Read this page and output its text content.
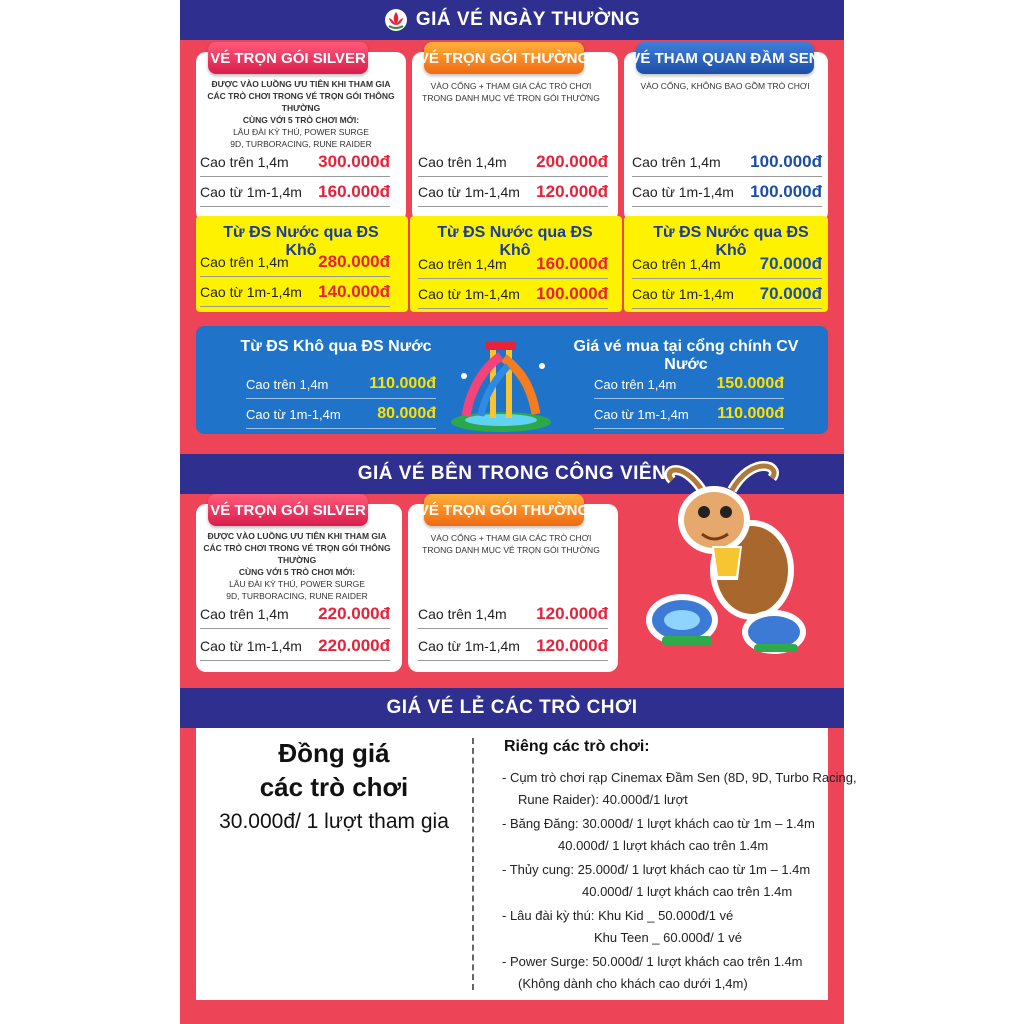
GIÁ VÉ NGÀY THƯỜNG
VÉ TRỌN GÓI SILVER
ĐƯỢC VÀO LUỒNG ƯU TIÊN KHI THAM GIA
CÁC TRÒ CHƠI TRONG VÉ TRỌN GÓI THÔNG THƯỜNG
CÙNG VỚI 5 TRÒ CHƠI MỚI:
LÂU ĐÀI KỲ THÚ, POWER SURGE
9D, TURBORACING, RUNE RAIDER
Cao trên 1,4m 300.000đ
Cao từ 1m-1,4m 160.000đ
VÉ TRỌN GÓI THƯỜNG
VÀO CỔNG + THAM GIA CÁC TRÒ CHƠI
TRONG DANH MỤC VÉ TRỌN GÓI THƯỜNG
Cao trên 1,4m 200.000đ
Cao từ 1m-1,4m 120.000đ
VÉ THAM QUAN ĐẦM SEN
VÀO CỔNG, KHÔNG BAO GỒM TRÒ CHƠI
Cao trên 1,4m 100.000đ
Cao từ 1m-1,4m 100.000đ
Từ ĐS Nước qua ĐS Khô
Cao trên 1,4m 280.000đ
Cao từ 1m-1,4m 140.000đ
Từ ĐS Nước qua ĐS Khô
Cao trên 1,4m 160.000đ
Cao từ 1m-1,4m 100.000đ
Từ ĐS Nước qua ĐS Khô
Cao trên 1,4m 70.000đ
Cao từ 1m-1,4m 70.000đ
Từ ĐS Khô qua ĐS Nước
Cao trên 1,4m	110.000đ
Cao từ 1m-1,4m 80.000đ
Giá vé mua tại cổng chính CV Nước
Cao trên 1,4m	150.000đ
Cao từ 1m-1,4m 110.000đ
GIÁ VÉ BÊN TRONG CÔNG VIÊN
VÉ TRỌN GÓI SILVER
ĐƯỢC VÀO LUỒNG ƯU TIÊN KHI THAM GIA
CÁC TRÒ CHƠI TRONG VÉ TRỌN GÓI THÔNG THƯỜNG
CÙNG VỚI 5 TRÒ CHƠI MỚI:
LÂU ĐÀI KỲ THÚ, POWER SURGE
9D, TURBORACING, RUNE RAIDER
Cao trên 1,4m 220.000đ
Cao từ 1m-1,4m 220.000đ
VÉ TRỌN GÓI THƯỜNG
VÀO CỔNG + THAM GIA CÁC TRÒ CHƠI
TRONG DANH MỤC VÉ TRỌN GÓI THƯỜNG
Cao trên 1,4m 120.000đ
Cao từ 1m-1,4m 120.000đ
GIÁ VÉ LẺ CÁC TRÒ CHƠI
Đồng giá
các trò chơi
30.000đ/ 1 lượt tham gia
Riêng các trò chơi:
- Cụm trò chơi rạp Cinemax Đầm Sen (8D, 9D, Turbo Racing,
Rune Raider): 40.000đ/1 lượt
- Băng Đăng: 30.000đ/ 1 lượt khách cao từ 1m – 1.4m
40.000đ/ 1 lượt khách cao trên 1.4m
- Thủy cung: 25.000đ/ 1 lượt khách cao từ 1m – 1.4m
40.000đ/ 1 lượt khách cao trên 1.4m
- Lâu đài kỳ thú: Khu Kid _ 50.000đ/1 vé
Khu Teen _ 60.000đ/ 1 vé
- Power Surge: 50.000đ/ 1 lượt khách cao trên 1.4m
(Không dành cho khách cao dưới 1,4m)
